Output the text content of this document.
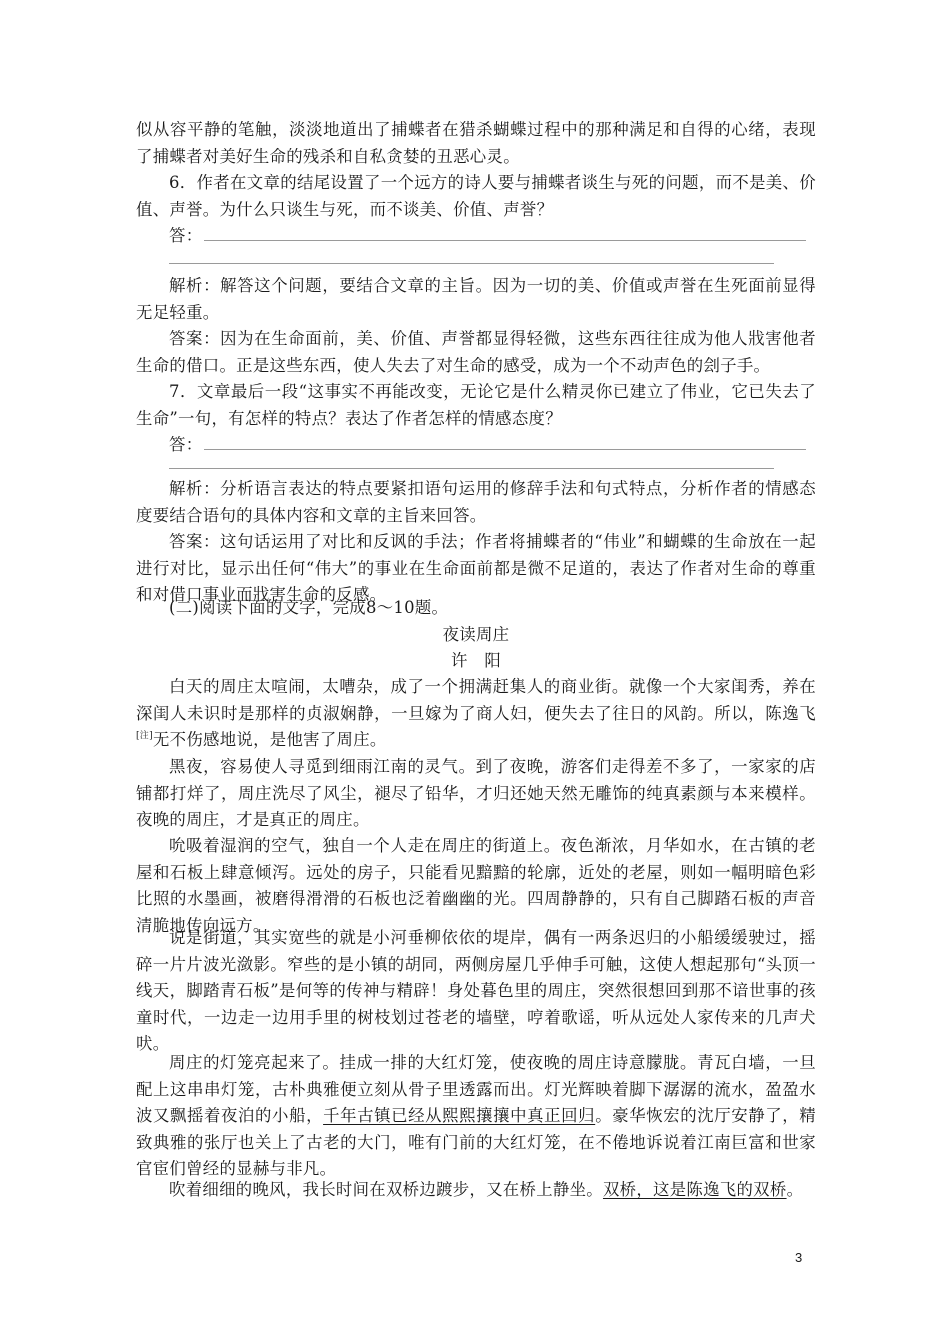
似从容平静的笔触，淡淡地道出了捕蝶者在猎杀蝴蝶过程中的那种满足和自得的心绪，表现了捕蝶者对美好生命的残杀和自私贪婪的丑恶心灵。

6．作者在文章的结尾设置了一个远方的诗人要与捕蝶者谈生与死的问题，而不是美、价值、声誉。为什么只谈生与死，而不谈美、价值、声誉？

答：

解析：解答这个问题，要结合文章的主旨。因为一切的美、价值或声誉在生死面前显得无足轻重。

答案：因为在生命面前，美、价值、声誉都显得轻微，这些东西往往成为他人戕害他者生命的借口。正是这些东西，使人失去了对生命的感受，成为一个不动声色的刽子手。

7．文章最后一段“这事实不再能改变，无论它是什么精灵你已建立了伟业，它已失去了生命”一句，有怎样的特点？表达了作者怎样的情感态度？

答：

解析：分析语言表达的特点要紧扣语句运用的修辞手法和句式特点，分析作者的情感态度要结合语句的具体内容和文章的主旨来回答。

答案：这句话运用了对比和反讽的手法；作者将捕蝶者的“伟业”和蝴蝶的生命放在一起进行对比，显示出任何“伟大”的事业在生命面前都是微不足道的，表达了作者对生命的尊重和对借口事业而戕害生命的反感。

(二)阅读下面的文字，完成8～10题。

夜读周庄
许　阳

白天的周庄太喧闹，太嘈杂，成了一个拥满赶集人的商业街。就像一个大家闺秀，养在深闺人未识时是那样的贞淑娴静，一旦嫁为了商人妇，便失去了往日的风韵。所以，陈逸飞[注]无不伤感地说，是他害了周庄。

黑夜，容易使人寻觅到细雨江南的灵气。到了夜晚，游客们走得差不多了，一家家的店铺都打烊了，周庄洗尽了风尘，褪尽了铅华，才归还她天然无雕饰的纯真素颜与本来模样。夜晚的周庄，才是真正的周庄。

吮吸着湿润的空气，独自一个人走在周庄的街道上。夜色渐浓，月华如水，在古镇的老屋和石板上肆意倾泻。远处的房子，只能看见黯黯的轮廓，近处的老屋，则如一幅明暗色彩比照的水墨画，被磨得滑滑的石板也泛着幽幽的光。四周静静的，只有自己脚踏石板的声音清脆地传向远方。

说是街道，其实宽些的就是小河垂柳依依的堤岸，偶有一两条迟归的小船缓缓驶过，摇碎一片片波光潋影。窄些的是小镇的胡同，两侧房屋几乎伸手可触，这使人想起那句“头顶一线天，脚踏青石板”是何等的传神与精辟！身处暮色里的周庄，突然很想回到那不谙世事的孩童时代，一边走一边用手里的树枝划过苍老的墙壁，哼着歌谣，听从远处人家传来的几声犬吠。

周庄的灯笼亮起来了。挂成一排的大红灯笼，使夜晚的周庄诗意朦胧。青瓦白墙，一旦配上这串串灯笼，古朴典雅便立刻从骨子里透露而出。灯光辉映着脚下潺潺的流水，盈盈水波又飘摇着夜泊的小船，千年古镇已经从熙熙攘攘中真正回归。豪华恢宏的沈厅安静了，精致典雅的张厅也关上了古老的大门，唯有门前的大红灯笼，在不倦地诉说着江南巨富和世家官宦们曾经的显赫与非凡。

吹着细细的晚风，我长时间在双桥边踱步，又在桥上静坐。双桥，这是陈逸飞的双桥。

3
